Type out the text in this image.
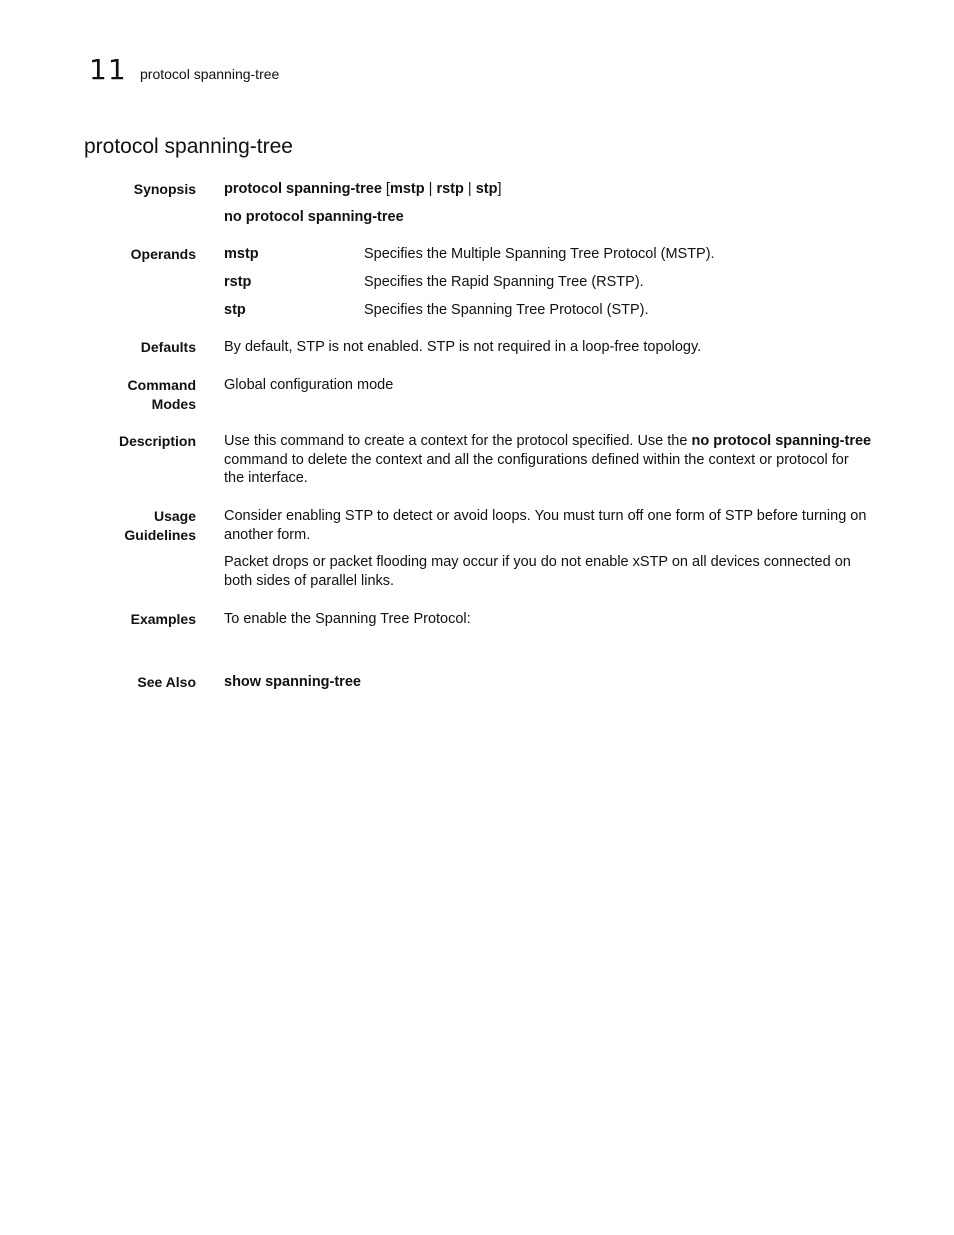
11 protocol spanning-tree
protocol spanning-tree
Synopsis protocol spanning-tree [mstp | rstp | stp]

no protocol spanning-tree

Operands mstp	Specifies the Multiple Spanning Tree Protocol (MSTP).
rstp	Specifies the Rapid Spanning Tree (RSTP).
stp	Specifies the Spanning Tree Protocol (STP).
Defaults By default, STP is not enabled. STP is not required in a loop-free topology.
Command
Modes
Global configuration mode
Description Use this command to create a context for the protocol specified. Use the no protocol spanning-tree command to delete the context and all the configurations defined within the context or protocol for the interface.

Usage
Guidelines

Consider enabling STP to detect or avoid loops. You must turn off one form of STP before turning on another form.

Packet drops or packet flooding may occur if you do not enable xSTP on all devices connected on both sides of parallel links.

Examples To enable the Spanning Tree Protocol:
See Also show spanning-tree
